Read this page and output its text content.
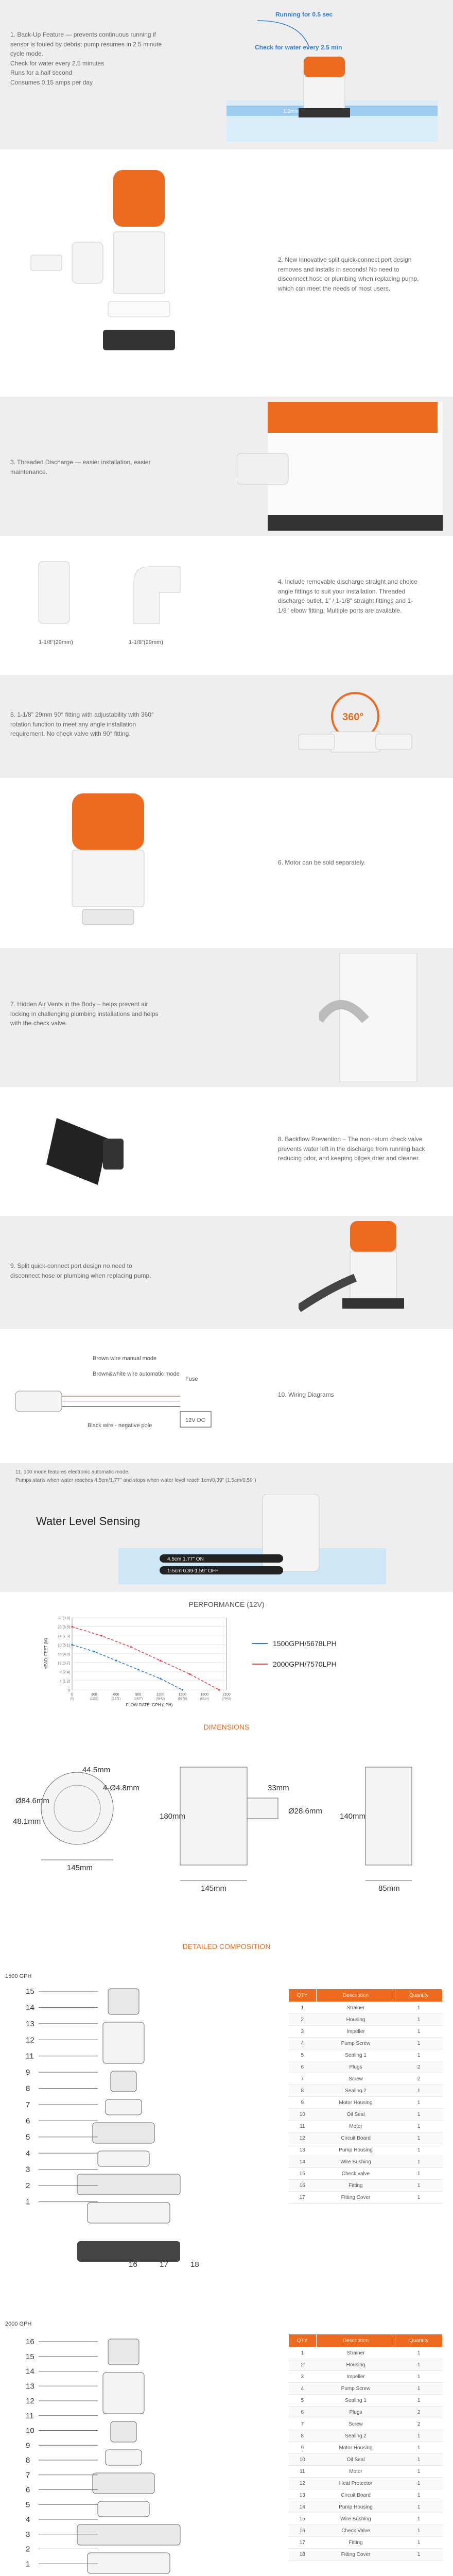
1. Back-Up Feature — prevents continuous running if
sensor is fouled by debris; pump resumes in 2.5 minute
cycle mode.
Check for water every 2.5 minutes
Runs for a half second
Consumes 0.15 amps per day
Running for 0.5 sec
Check for water every 2.5 min
1.5min
2. New innovative split quick-connect port design
removes and installs in seconds! No need to
disconnect hose or plumbing when replacing pump,
which can meet the needs of most users.
3. Threaded Discharge — easier installation, easier
maintenance.
1-1/8"(29mm)	1-1/8"(29mm)
4. Include removable discharge straight and choice
angle fittings to suit your installation. Threaded
discharge outlet. 1" / 1-1/8" straight fittings and 1-
1/8" elbow fitting. Multiple ports are available.
5. 1-1/8" 29mm 90° fitting with adjustability with 360°
rotation function to meet any angle installation
requirement. No check valve with 90° fitting.
360°
6. Motor can be sold separately.
7. Hidden Air Vents in the Body – helps prevent air
locking in challenging plumbing installations and helps
with the check valve.
8. Backflow Prevention – The non-return check valve
prevents water left in the discharge from running back
reducing odor, and keeping bilges drier and cleaner.
9. Split quick-connect port design no need to
disconnect hose or plumbing when replacing pump.
Brown wire manual mode
Brown&white wire automatic mode
Fuse
Black wire - negative pole
12V DC
10. Wiring Diagrams
11. 100 mode features electronic automatic mode.
Pumps starts when water reaches 4.5cm/1.77" and stops when water level reach 1cm/0.39" (1.5cm/0.59")
Water Level Sensing
4.5cm 1.77" ON
1-5cm 0.39-1.59" OFF
PERFORMANCE (12V)
0
4 (1.2)
8 (2.4)
12 (3.7)
16 (4.9)
20 (6.1)
24 (7.3)
28 (8.5)
32 (9.8)
0
(0)
300
(1136)
600
(2271)
900
(3407)
1200
(4542)
1500
(5678)
1800
(6814)
2100
(7949)
FLOW RATE: GPH (LPH)
HEAD: FEET (M)	1500GPH/5678LPH
2000GPH/7570LPH
DIMENSIONS
Ø84.6mm
44.5mm
4-Ø4.8mm
48.1mm
145mm
33mm
Ø28.6mm
180mm
145mm
140mm
85mm
DETAILED COMPOSITION
1500 GPH
15
14
13
12
11
9
8
7
6
5
4
3
2
1
16	17	18
QTY	Description	Quantity
1	Strainer	1
2	Housing	1
3	Impeller	1
4	Pump Screw	1
5	Sealing 1	1
6	Plugs	2
7	Screw	2
8	Sealing 2	1
9	Motor Housing	1
10	Oil Seal	1
11	Motor	1
12	Circuit Board	1
13	Pump Housing	1
14	Wire Bushing	1
15	Check valve	1
16	Fitting	1
17	Fitting Cover	1
2000 GPH
16
15
14
13
12
11
10
9
8
7
6
5
4
3
2
1
QTY	Description	Quantity
1	Strainer	1
2	Housing	1
3	Impeller	1
4	Pump Screw	1
5	Sealing 1	1
6	Plugs	2
7	Screw	2
8	Sealing 2	1
9	Motor Housing	1
10	Oil Seal	1
11	Motor	1
12	Heat Protector	1
13	Circuit Board	1
14	Pump Housing	1
15	Wire Bushing	1
16	Check Valve	1
17	Fitting	1
18	Fitting Cover	1
